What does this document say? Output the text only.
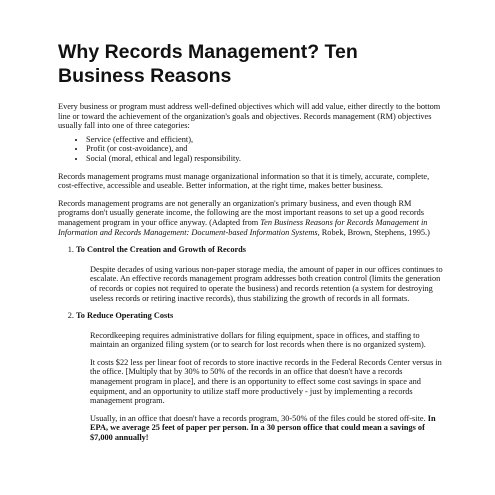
Why Records Management? Ten Business Reasons

Every business or program must address well-defined objectives which will add value, either directly to the bottom line or toward the achievement of the organization's goals and objectives. Records management (RM) objectives usually fall into one of three categories:

• Service (effective and efficient),
• Profit (or cost-avoidance), and
• Social (moral, ethical and legal) responsibility.

Records management programs must manage organizational information so that it is timely, accurate, complete, cost-effective, accessible and useable. Better information, at the right time, makes better business.

Records management programs are not generally an organization's primary business, and even though RM programs don't usually generate income, the following are the most important reasons to set up a good records management program in your office anyway. (Adapted from Ten Business Reasons for Records Management in Information and Records Management: Document-based Information Systems, Robek, Brown, Stephens, 1995.)

1. To Control the Creation and Growth of Records

Despite decades of using various non-paper storage media, the amount of paper in our offices continues to escalate. An effective records management program addresses both creation control (limits the generation of records or copies not required to operate the business) and records retention (a system for destroying useless records or retiring inactive records), thus stabilizing the growth of records in all formats.

2. To Reduce Operating Costs

Recordkeeping requires administrative dollars for filing equipment, space in offices, and staffing to maintain an organized filing system (or to search for lost records when there is no organized system).

It costs $22 less per linear foot of records to store inactive records in the Federal Records Center versus in the office. [Multiply that by 30% to 50% of the records in an office that doesn't have a records management program in place], and there is an opportunity to effect some cost savings in space and equipment, and an opportunity to utilize staff more productively - just by implementing a records management program.

Usually, in an office that doesn't have a records program, 30-50% of the files could be stored off-site. In EPA, we average 25 feet of paper per person. In a 30 person office that could mean a savings of $7,000 annually!
